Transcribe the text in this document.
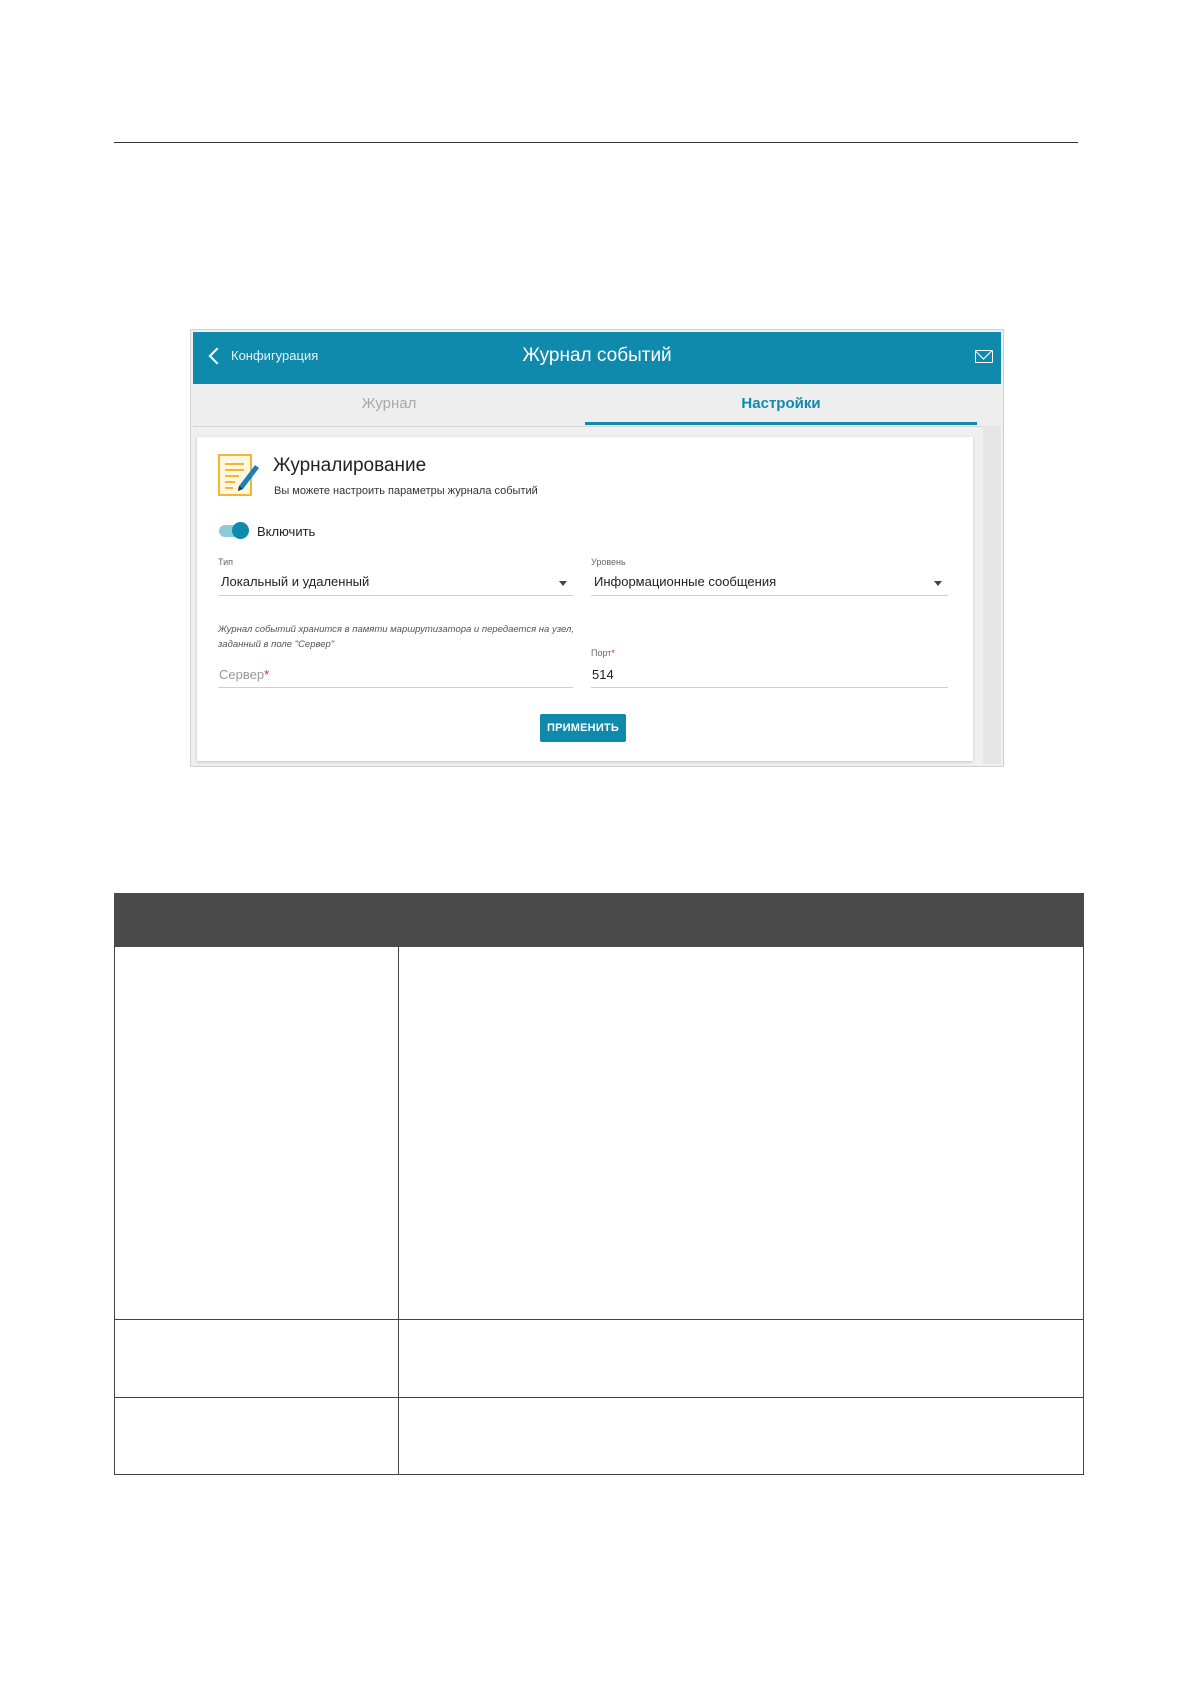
Конфигурация	Журнал событий
Журнал	Настройки
Журналирование
Вы можете настроить параметры журнала событий
Включить
Тип
Локальный и удаленный
Уровень
Информационные сообщения
Журнал событий хранится в памяти маршрутизатора и передается на узел,
заданный в поле "Сервер"
Сервер*
Порт*
514
ПРИМЕНИТЬ
